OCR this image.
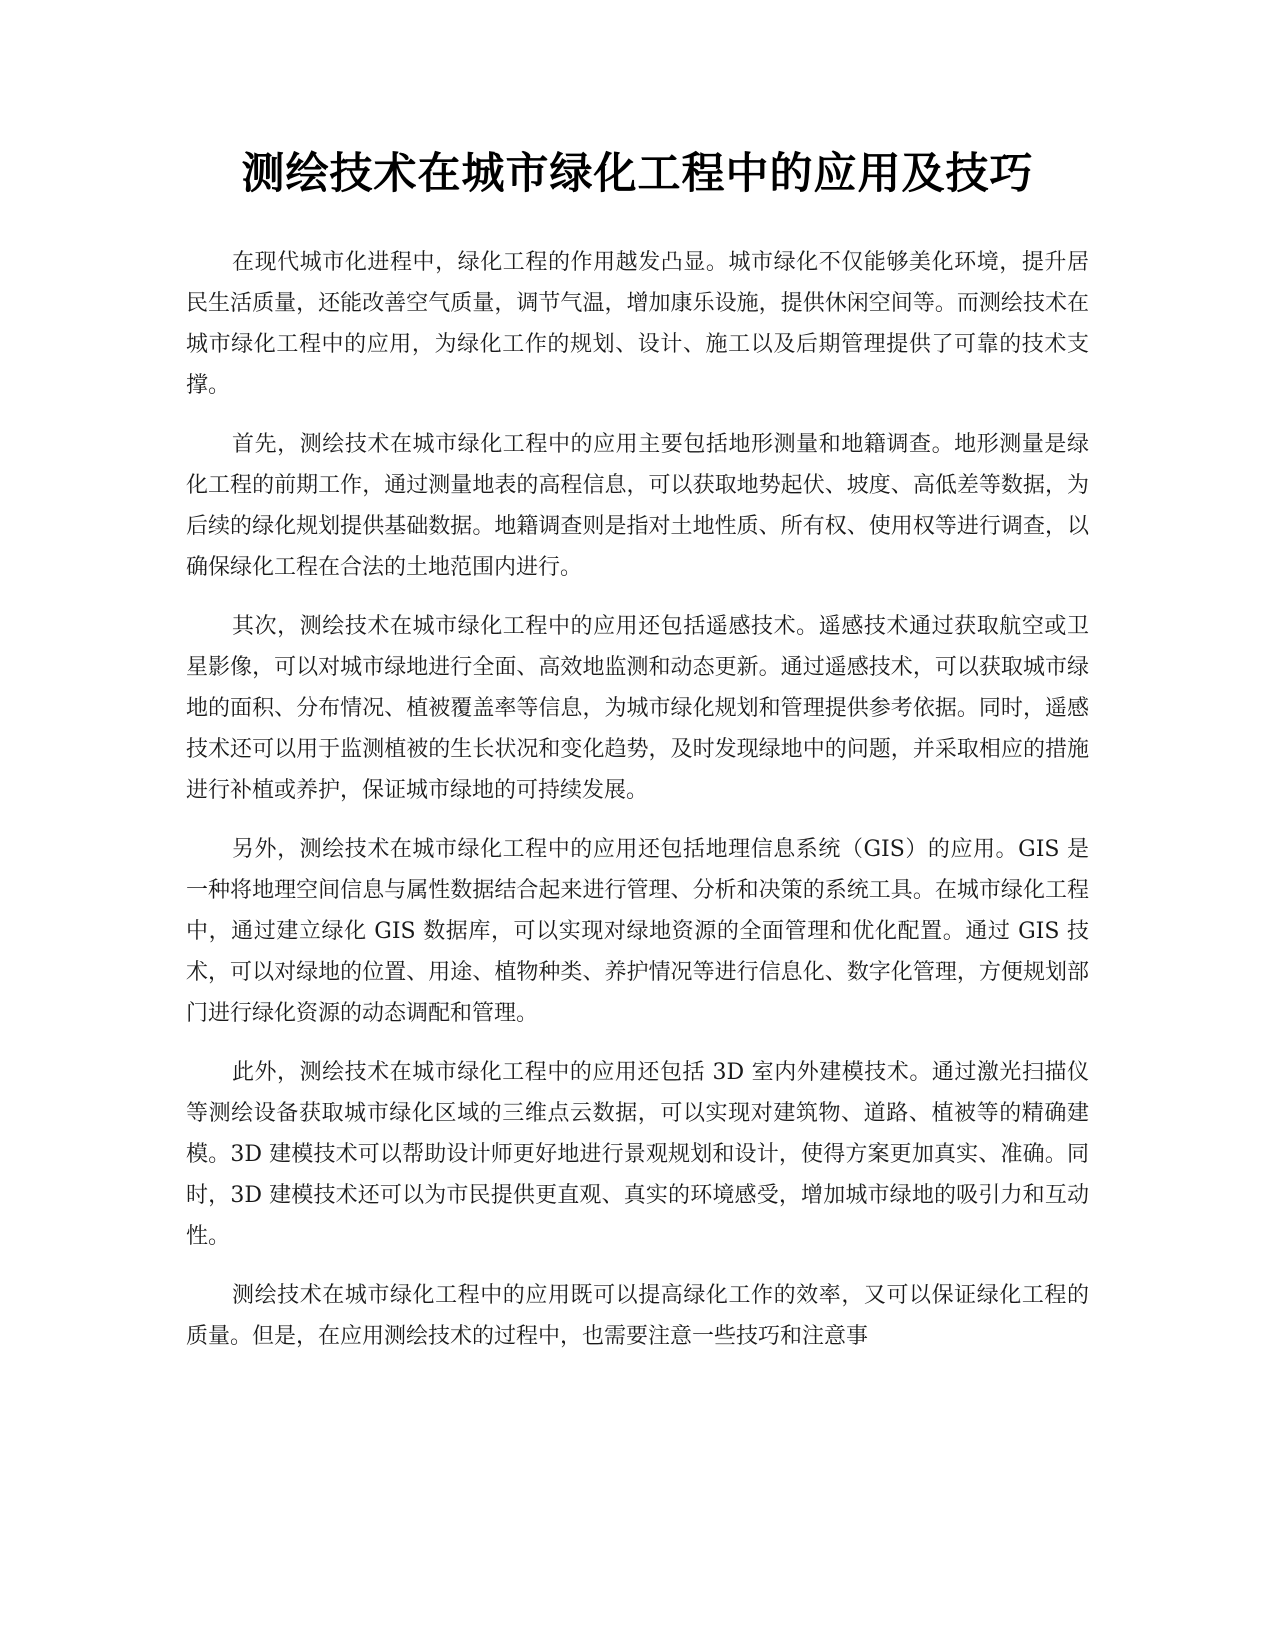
测绘技术在城市绿化工程中的应用及技巧

在现代城市化进程中，绿化工程的作用越发凸显。城市绿化不仅能够美化环境，提升居民生活质量，还能改善空气质量，调节气温，增加康乐设施，提供休闲空间等。而测绘技术在城市绿化工程中的应用，为绿化工作的规划、设计、施工以及后期管理提供了可靠的技术支撑。

首先，测绘技术在城市绿化工程中的应用主要包括地形测量和地籍调查。地形测量是绿化工程的前期工作，通过测量地表的高程信息，可以获取地势起伏、坡度、高低差等数据，为后续的绿化规划提供基础数据。地籍调查则是指对土地性质、所有权、使用权等进行调查，以确保绿化工程在合法的土地范围内进行。

其次，测绘技术在城市绿化工程中的应用还包括遥感技术。遥感技术通过获取航空或卫星影像，可以对城市绿地进行全面、高效地监测和动态更新。通过遥感技术，可以获取城市绿地的面积、分布情况、植被覆盖率等信息，为城市绿化规划和管理提供参考依据。同时，遥感技术还可以用于监测植被的生长状况和变化趋势，及时发现绿地中的问题，并采取相应的措施进行补植或养护，保证城市绿地的可持续发展。

另外，测绘技术在城市绿化工程中的应用还包括地理信息系统（GIS）的应用。GIS 是一种将地理空间信息与属性数据结合起来进行管理、分析和决策的系统工具。在城市绿化工程中，通过建立绿化 GIS 数据库，可以实现对绿地资源的全面管理和优化配置。通过 GIS 技术，可以对绿地的位置、用途、植物种类、养护情况等进行信息化、数字化管理，方便规划部门进行绿化资源的动态调配和管理。

此外，测绘技术在城市绿化工程中的应用还包括 3D 室内外建模技术。通过激光扫描仪等测绘设备获取城市绿化区域的三维点云数据，可以实现对建筑物、道路、植被等的精确建模。3D 建模技术可以帮助设计师更好地进行景观规划和设计，使得方案更加真实、准确。同时，3D 建模技术还可以为市民提供更直观、真实的环境感受，增加城市绿地的吸引力和互动性。

测绘技术在城市绿化工程中的应用既可以提高绿化工作的效率，又可以保证绿化工程的质量。但是，在应用测绘技术的过程中，也需要注意一些技巧和注意事
